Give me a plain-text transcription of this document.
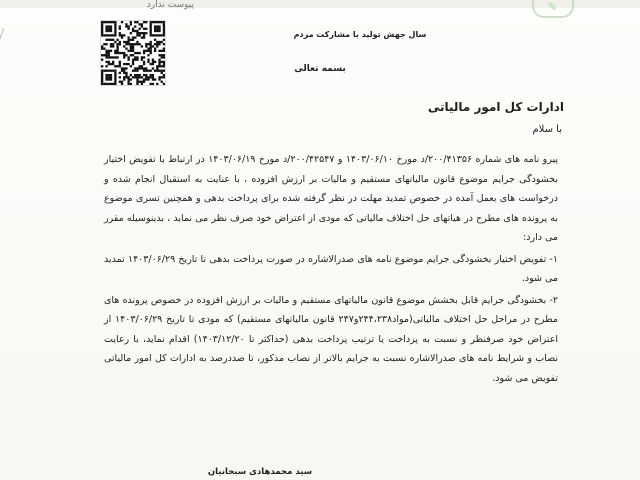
پیوست ندارد
سال جهش تولید با مشارکت مردم
بسمه تعالی
ادارات کل امور مالیاتی
با سلام

پیرو نامه های شماره ۲۰۰/۴۱۳۵۶/د مورخ ۱۴۰۳/۰۶/۱۰ و ۲۰۰/۴۲۵۴۷/د مورخ ۱۴۰۳/۰۶/۱۹ در ارتباط با تفویض اختیار بخشودگی جرایم موضوع قانون مالیاتهای مستقیم و مالیات بر ارزش افزوده ، با عنایت به استقبال انجام شده و درخواست های بعمل آمده در خصوص تمدید مهلت در نظر گرفته شده برای پرداخت بدهی و همچنین تسری موضوع به پرونده های مطرح در هیاتهای حل اختلاف مالیاتی که مودی از اعتراض خود صرف نظر می نماید ، بدینوسیله مقرر می دارد:

۱- تفویض اختیار بخشودگی جرایم موضوع نامه های صدرالاشاره در صورت پرداخت بدهی تا تاریخ ۱۴۰۳/۰۶/۲۹ تمدید می شود.

۲- بخشودگی جرایم قابل بخشش موضوع قانون مالیاتهای مستقیم و مالیات بر ارزش افزوده در خصوص پرونده های مطرح در مراحل حل اختلاف مالیاتی(مواد۲۴۴،۲۳۸و۲۴۷ قانون مالیاتهای مستقیم) که مودی تا تاریخ ۱۴۰۳/۰۶/۲۹ از اعتراض خود صرفنظر و نسبت به پرداخت یا ترتیب پرداخت بدهی (حداکثر تا ۱۴۰۳/۱۲/۲۰) اقدام نماید، با رعایت نصاب و شرایط نامه های صدرالاشاره نسبت به جرایم بالاتر از نصاب مذکور، تا صددرصد به ادارات کل امور مالیاتی تفویض می شود.

سید محمدهادی سبحانیان
